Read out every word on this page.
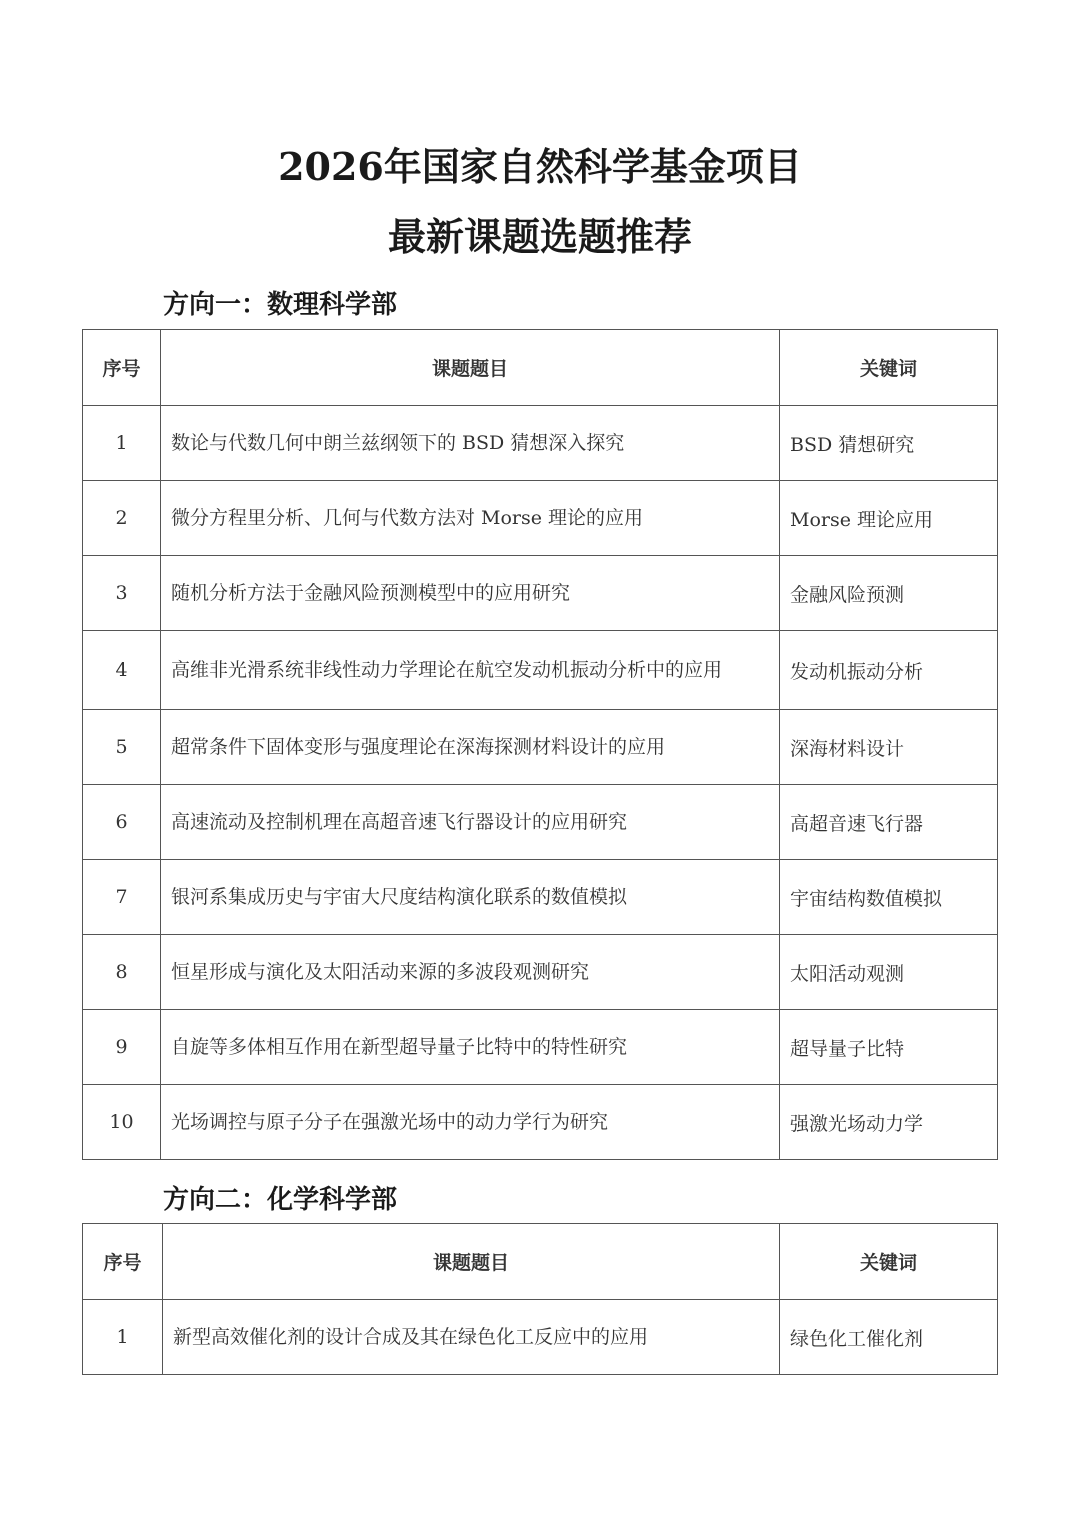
2026年国家自然科学基金项目
最新课题选题推荐
方向一：数理科学部
序号	课题题目	关键词
1	数论与代数几何中朗兰兹纲领下的 BSD 猜想深入探究	BSD 猜想研究
2	微分方程里分析、几何与代数方法对 Morse 理论的应用	Morse 理论应用
3	随机分析方法于金融风险预测模型中的应用研究	金融风险预测
4	高维非光滑系统非线性动力学理论在航空发动机振动分析中的应用	发动机振动分析
5	超常条件下固体变形与强度理论在深海探测材料设计的应用	深海材料设计
6	高速流动及控制机理在高超音速飞行器设计的应用研究	高超音速飞行器
7	银河系集成历史与宇宙大尺度结构演化联系的数值模拟	宇宙结构数值模拟
8	恒星形成与演化及太阳活动来源的多波段观测研究	太阳活动观测
9	自旋等多体相互作用在新型超导量子比特中的特性研究	超导量子比特
10	光场调控与原子分子在强激光场中的动力学行为研究	强激光场动力学
方向二：化学科学部
序号	课题题目	关键词
1	新型高效催化剂的设计合成及其在绿色化工反应中的应用	绿色化工催化剂
